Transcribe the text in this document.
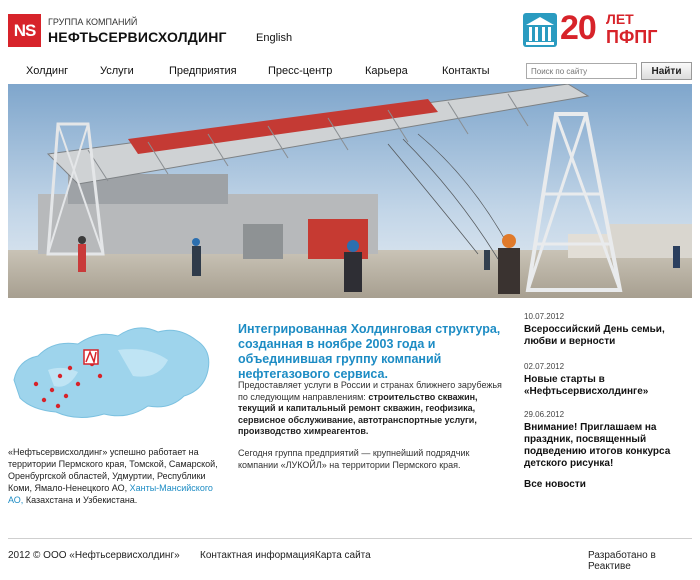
NS	ГРУППА КОМПАНИЙ
НЕФТЬСЕРВИСХОЛДИНГ	English	20 ЛЕТ
ПФПГ
Холдинг	Услуги	Предприятия	Пресс-центр	Карьера	Контакты
Поиск по сайту	Найти
«Нефтьсервисхолдинг» успешно работает на территории Пермского края, Томской, Самарской, Оренбургской областей, Удмуртии, Республики Коми, Ямало-Ненецкого АО, Ханты-Мансийского АО, Казахстана и Узбекистана.
Интегрированная Холдинговая структура, созданная в ноябре 2003 года и объединившая группу компаний нефтегазового сервиса.
Предоставляет услуги в России и странах ближнего зарубежья по следующим направлениям: строительство скважин, текущий и капитальный ремонт скважин, геофизика, сервисное обслуживание, автотранспортные услуги, производство химреагентов.
Сегодня группа предприятий — крупнейший подрядчик компании «ЛУКОЙЛ» на территории Пермского края.
10.07.2012
Всероссийский День семьи, любви и верности
02.07.2012
Новые старты в «Нефтьсервисхолдинге»
29.06.2012
Внимание! Приглашаем на праздник, посвященный подведению итогов конкурса детского рисунка!
Все новости
2012 © ООО «Нефтьсервисхолдинг» Контактная информация Карта сайта	Разработано в Реактиве
